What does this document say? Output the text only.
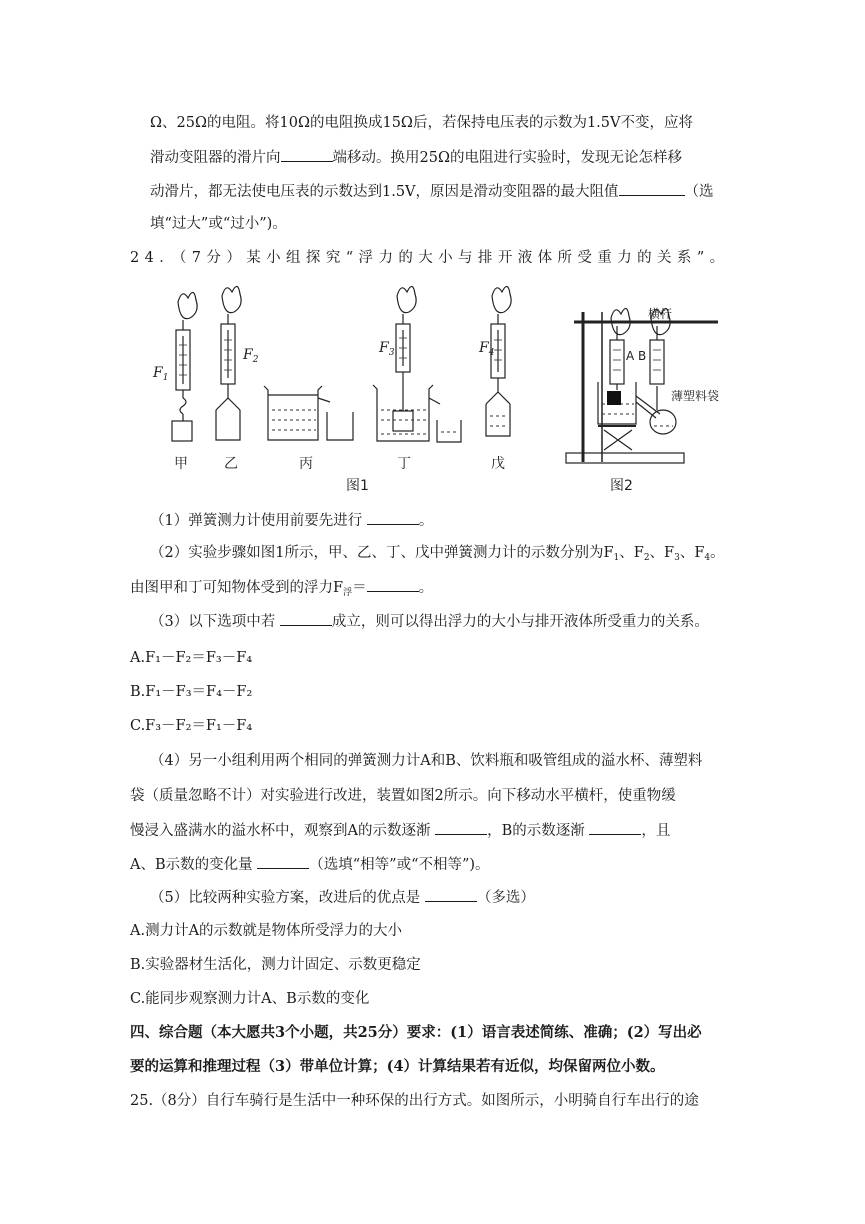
Ω、25Ω的电阻。将10Ω的电阻换成15Ω后，若保持电压表的示数为1.5V不变，应将
滑动变阻器的滑片向	端移动。换用25Ω的电阻进行实验时，发现无论怎样移
动滑片，都无法使电压表的示数达到1.5V，原因是滑动变阻器的最大阻值	（选
填“过大”或“过小”)。
24．（7分）某小组探究“浮力的大小与排开液体所受重力的关系”。
$F_1$
$F_2$
$F_3$	$F_4$
甲	乙	丙	丁	戊
图1	图2
横杆
A B
薄塑料袋
（1）弹簧测力计使用前要先进行	。
（2）实验步骤如图1所示，甲、乙、丁、戊中弹簧测力计的示数分别为$F_1$、$F_2$、$F_3$、$F_4$。
由图甲和丁可知物体受到的浮力$F_浮=$	。
（3）以下选项中若	成立，则可以得出浮力的大小与排开液体所受重力的关系。
A.F₁－F₂＝F₃－F₄
B.F₁－F₃＝F₄－F₂
C.F₃－F₂＝F₁－F₄
（4）另一小组利用两个相同的弹簧测力计A和B、饮料瓶和吸管组成的溢水杯、薄塑料
袋（质量忽略不计）对实验进行改进，装置如图2所示。向下移动水平横杆，使重物缓
慢浸入盛满水的溢水杯中，观察到A的示数逐渐	，B的示数逐渐	，且
A、B示数的变化量	（选填“相等”或“不相等”)。
（5）比较两种实验方案，改进后的优点是	（多选）
A.测力计A的示数就是物体所受浮力的大小
B.实验器材生活化，测力计固定、示数更稳定
C.能同步观察测力计A、B示数的变化
四、综合题（本大愿共3个小题，共25分）要求：(1）语言表述简练、准确；(2）写出必
要的运算和推理过程（3）带单位计算；(4）计算结果若有近似，均保留两位小数。
25.（8分）自行车骑行是生活中一种环保的出行方式。如图所示，小明骑自行车出行的途
